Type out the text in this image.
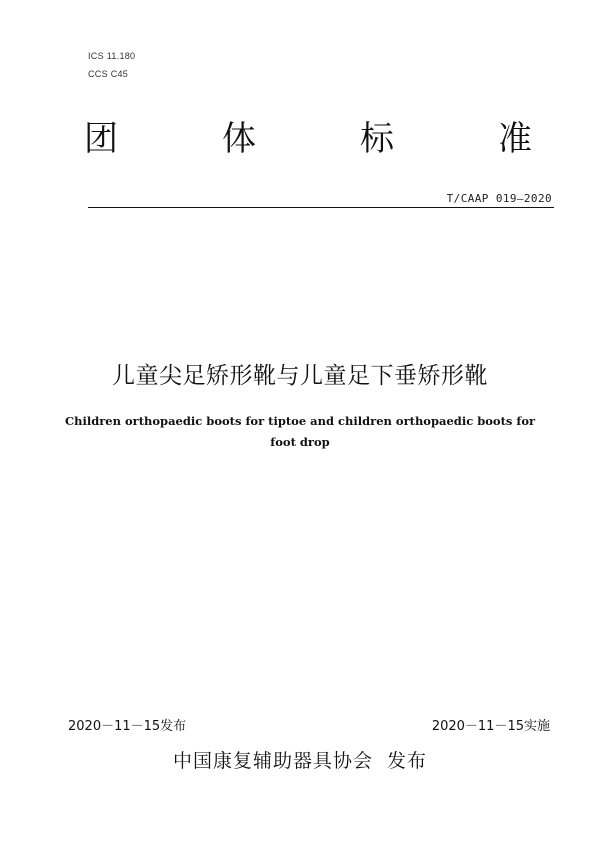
ICS 11.180
CCS C45
团	体	标	准
T/CAAP 019—2020
儿童尖足矫形靴与儿童足下垂矫形靴
Children orthopaedic boots for tiptoe and children orthopaedic boots for foot drop
2020－11－15发布	2020－11－15实施
中国康复辅助器具协会  发布
